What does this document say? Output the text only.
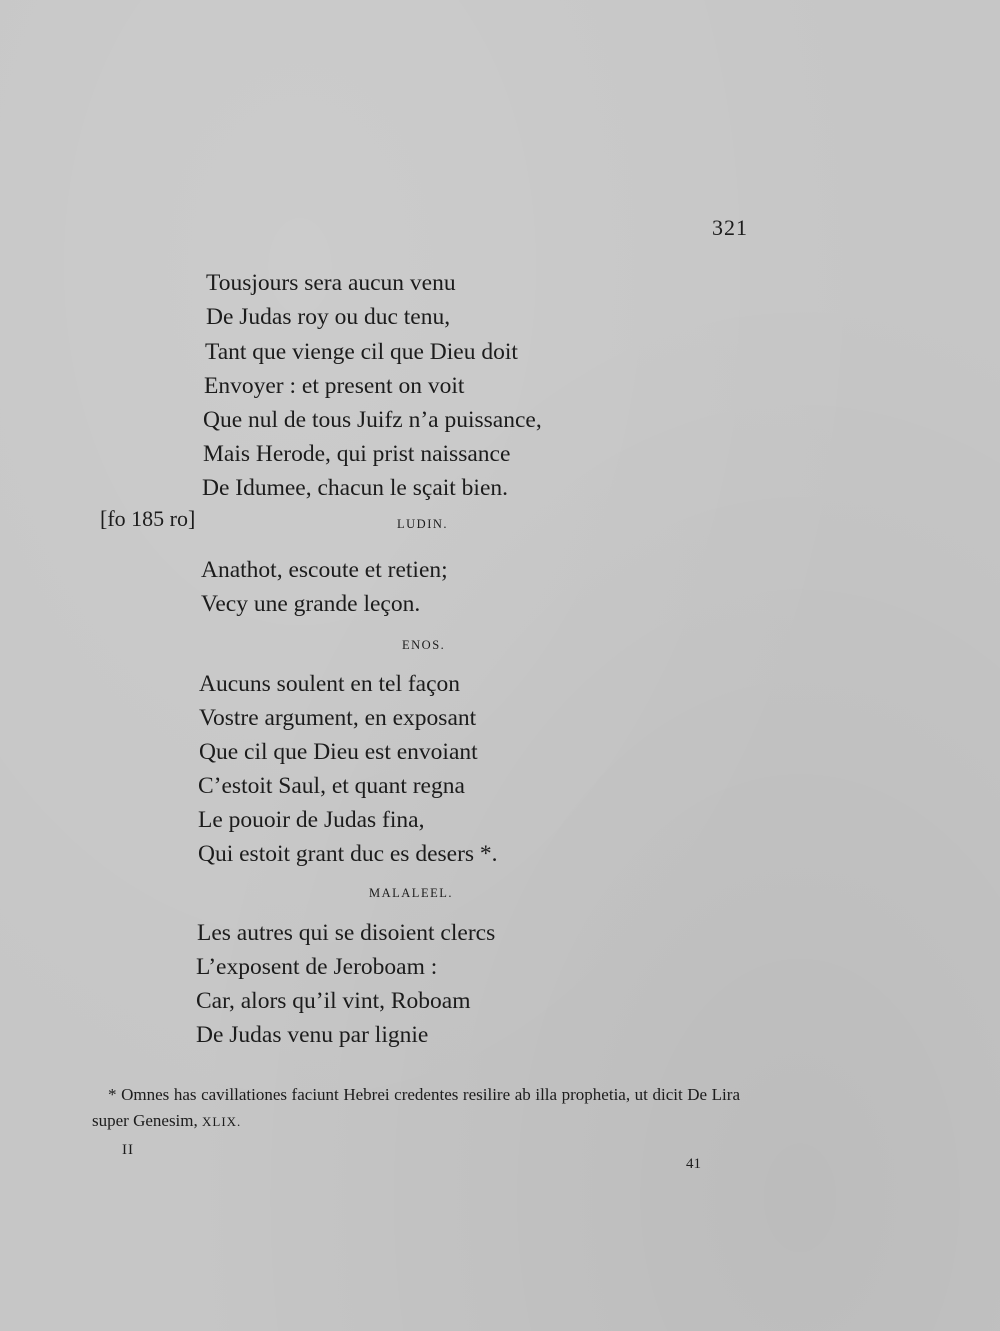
321
Tousjours sera aucun venu
De Judas roy ou duc tenu,
Tant que vienge cil que Dieu doit
Envoyer : et present on voit
Que nul de tous Juifz n’a puissance,
Mais Herode, qui prist naissance
De Idumee, chacun le sçait bien.
[fo 185 ro]	LUDIN.
Anathot, escoute et retien;
Vecy une grande leçon.
ENOS.
Aucuns soulent en tel façon
Vostre argument, en exposant
Que cil que Dieu est envoiant
C’estoit Saul, et quant regna
Le pouoir de Judas fina,
Qui estoit grant duc es desers *.
MALALEEL.
Les autres qui se disoient clercs
L’exposent de Jeroboam :
Car, alors qu’il vint, Roboam
De Judas venu par lignie
* Omnes has cavillationes faciunt Hebrei credentes resilire ab illa prophetia, ut dicit De Lira super Genesim, XLIX.
II
41
